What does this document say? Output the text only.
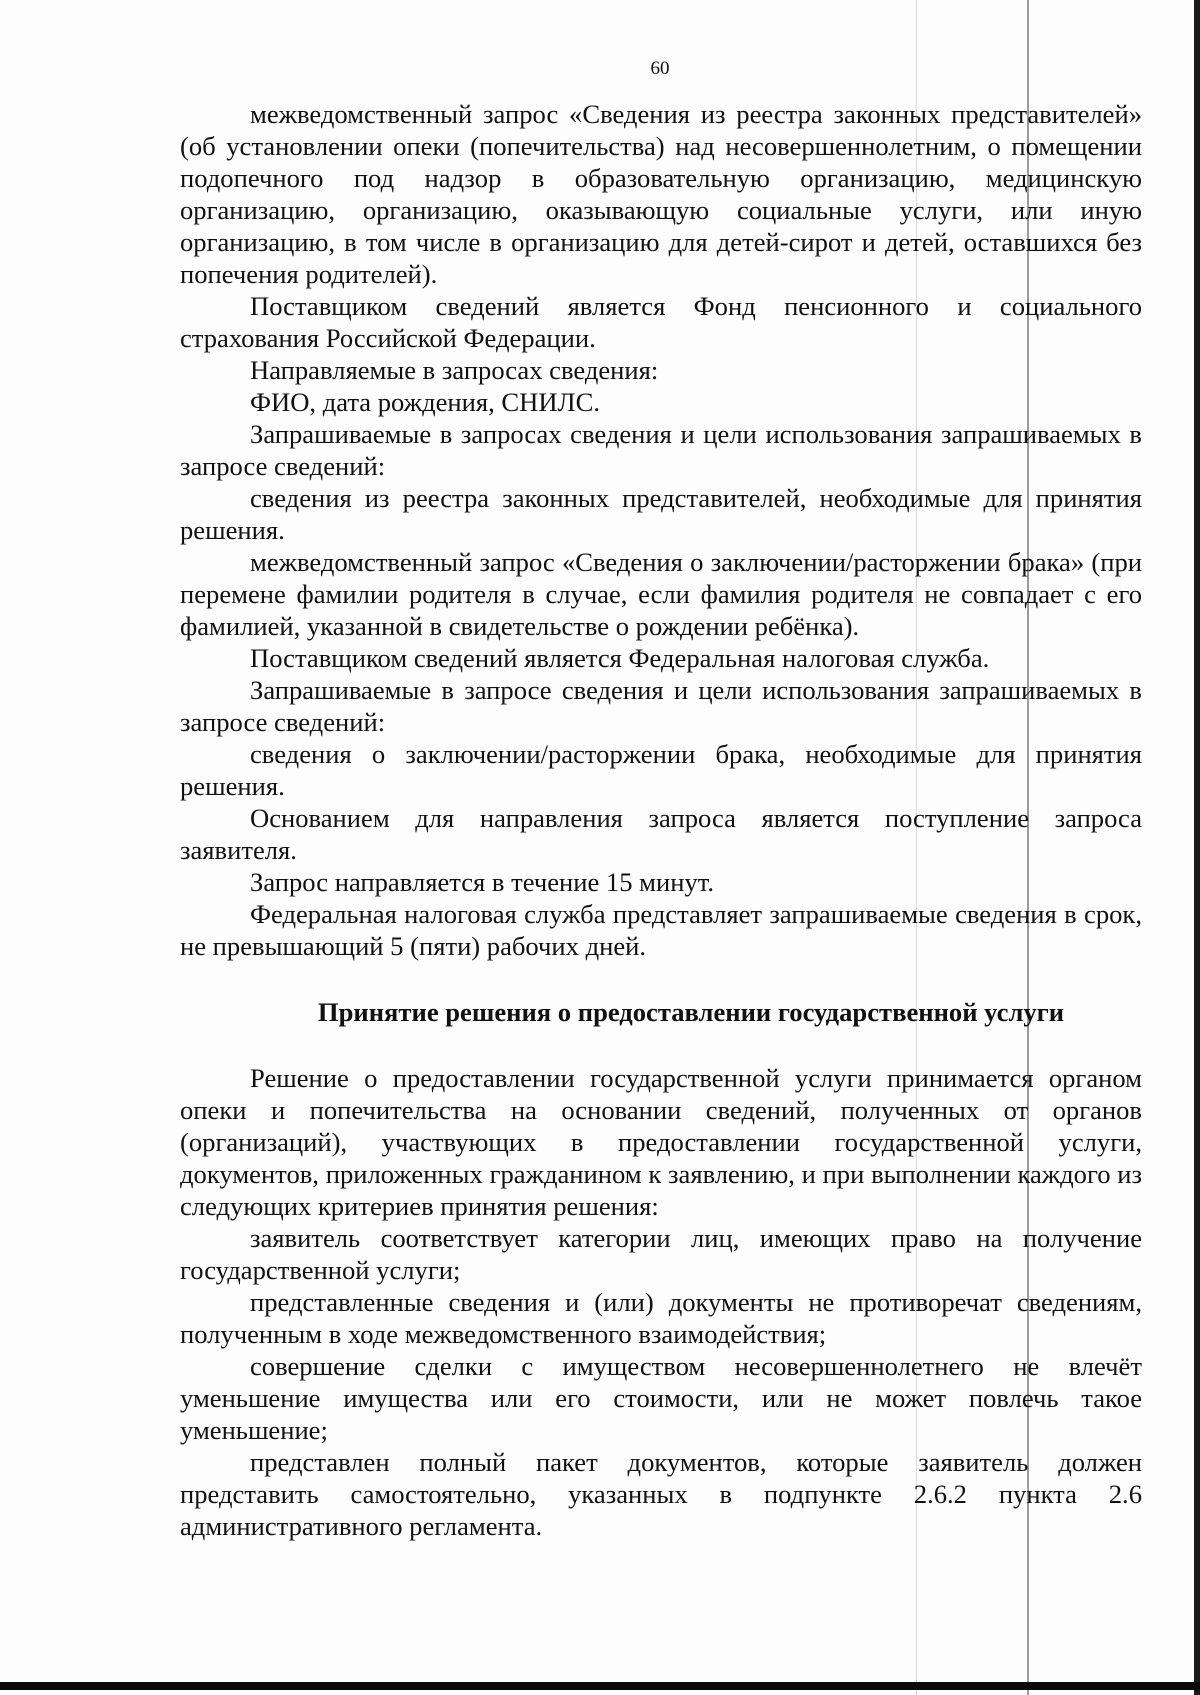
60

межведомственный запрос «Сведения из реестра законных представителей» (об установлении опеки (попечительства) над несовершеннолетним, о помещении подопечного под надзор в образовательную организацию, медицинскую организацию, организацию, оказывающую социальные услуги, или иную организацию, в том числе в организацию для детей-сирот и детей, оставшихся без попечения родителей).

Поставщиком сведений является Фонд пенсионного и социального страхования Российской Федерации.

Направляемые в запросах сведения:

ФИО, дата рождения, СНИЛС.

Запрашиваемые в запросах сведения и цели использования запрашиваемых в запросе сведений:

сведения из реестра законных представителей, необходимые для принятия решения.

межведомственный запрос «Сведения о заключении/расторжении брака» (при перемене фамилии родителя в случае, если фамилия родителя не совпадает с его фамилией, указанной в свидетельстве о рождении ребёнка).

Поставщиком сведений является Федеральная налоговая служба.

Запрашиваемые в запросе сведения и цели использования запрашиваемых в запросе сведений:

сведения о заключении/расторжении брака, необходимые для принятия решения.

Основанием для направления запроса является поступление запроса заявителя.

Запрос направляется в течение 15 минут.

Федеральная налоговая служба представляет запрашиваемые сведения в срок, не превышающий 5 (пяти) рабочих дней.

Принятие решения о предоставлении государственной услуги

Решение о предоставлении государственной услуги принимается органом опеки и попечительства на основании сведений, полученных от органов (организаций), участвующих в предоставлении государственной услуги, документов, приложенных гражданином к заявлению, и при выполнении каждого из следующих критериев принятия решения:

заявитель соответствует категории лиц, имеющих право на получение государственной услуги;

представленные сведения и (или) документы не противоречат сведениям, полученным в ходе межведомственного взаимодействия;

совершение сделки с имуществом несовершеннолетнего не влечёт уменьшение имущества или его стоимости, или не может повлечь такое уменьшение;

представлен полный пакет документов, которые заявитель должен представить самостоятельно, указанных в подпункте 2.6.2 пункта 2.6 административного регламента.
